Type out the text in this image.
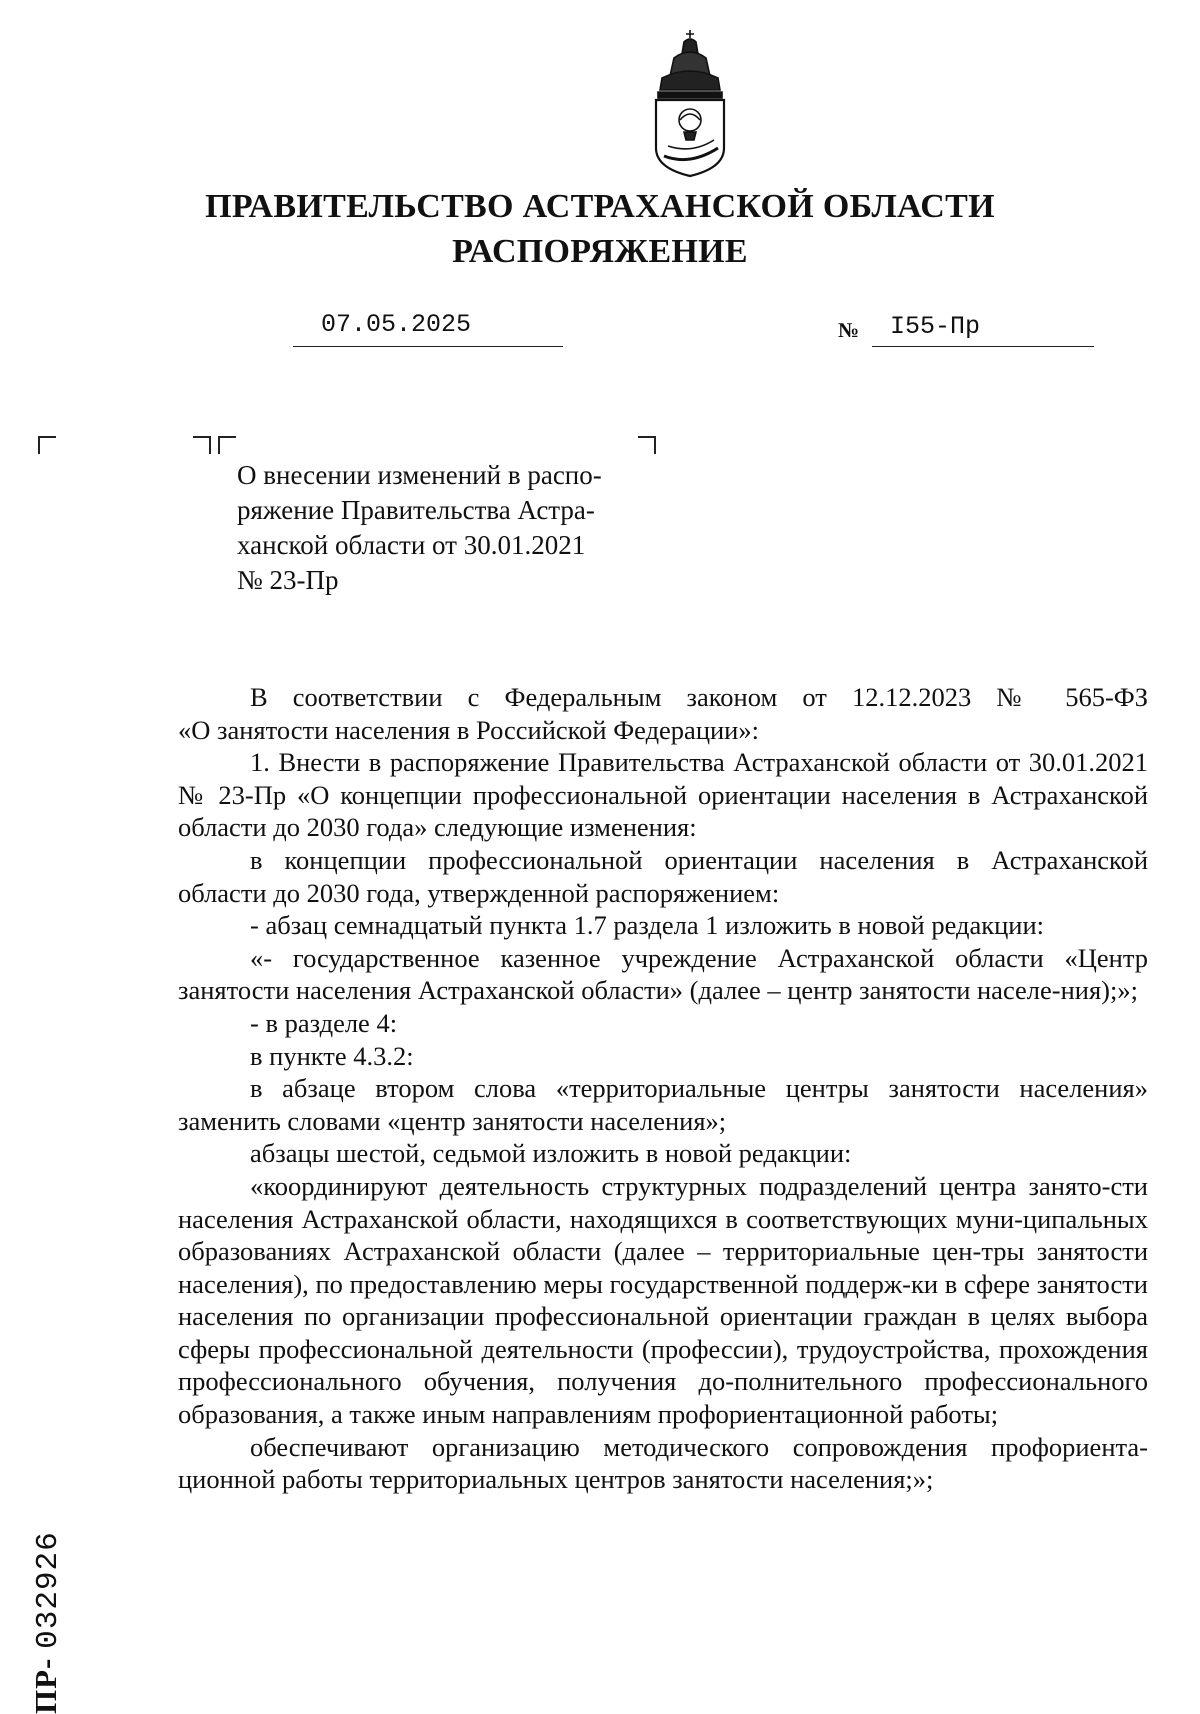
ПРАВИТЕЛЬСТВО АСТРАХАНСКОЙ ОБЛАСТИ
РАСПОРЯЖЕНИЕ
07.05.2025	№ I55-Пр
О внесении изменений в распо-
ряжение Правительства Астра-
ханской области от 30.01.2021
№ 23-Пр

В соответствии с Федеральным законом от 12.12.2023 № 565-ФЗ

«О занятости населения в Российской Федерации»:

1. Внести в распоряжение Правительства Астраханской области от 30.01.2021 № 23-Пр «О концепции профессиональной ориентации населения в Астраханской области до 2030 года» следующие изменения:

в концепции профессиональной ориентации населения в Астраханской области до 2030 года, утвержденной распоряжением:

- абзац семнадцатый пункта 1.7 раздела 1 изложить в новой редакции:

«- государственное казенное учреждение Астраханской области «Центр занятости населения Астраханской области» (далее – центр занятости населе-ния);»;

- в разделе 4:

в пункте 4.3.2:

в абзаце втором слова «территориальные центры занятости населения» заменить словами «центр занятости населения»;

абзацы шестой, седьмой изложить в новой редакции:

«координируют деятельность структурных подразделений центра занято-сти населения Астраханской области, находящихся в соответствующих муни-ципальных образованиях Астраханской области (далее – территориальные цен-тры занятости населения), по предоставлению меры государственной поддерж-ки в сфере занятости населения по организации профессиональной ориентации граждан в целях выбора сферы профессиональной деятельности (профессии), трудоустройства, прохождения профессионального обучения, получения до-полнительного профессионального образования, а также иным направлениям профориентационной работы;

обеспечивают организацию методического сопровождения профориента-ционной работы территориальных центров занятости населения;»;

ПР- 032926
